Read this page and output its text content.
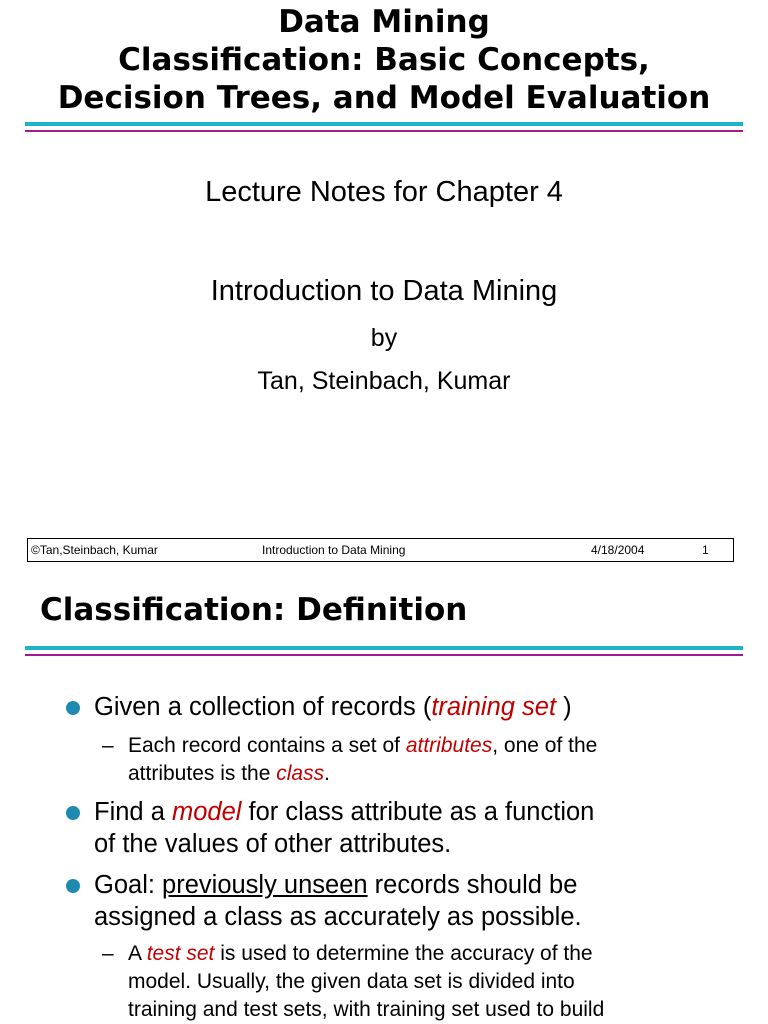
Data Mining
Classification: Basic Concepts,
Decision Trees, and Model Evaluation
Lecture Notes for Chapter 4
Introduction to Data Mining
by
Tan, Steinbach, Kumar
©Tan,Steinbach, Kumar	Introduction to Data Mining	4/18/2004	1
Classification: Definition
Given a collection of records (training set )
– Each record contains a set of attributes, one of the
attributes is the class.
Find a model for class attribute as a function
of the values of other attributes.
Goal: previously unseen records should be
assigned a class as accurately as possible.
– A test set is used to determine the accuracy of the
model. Usually, the given data set is divided into
training and test sets, with training set used to build
